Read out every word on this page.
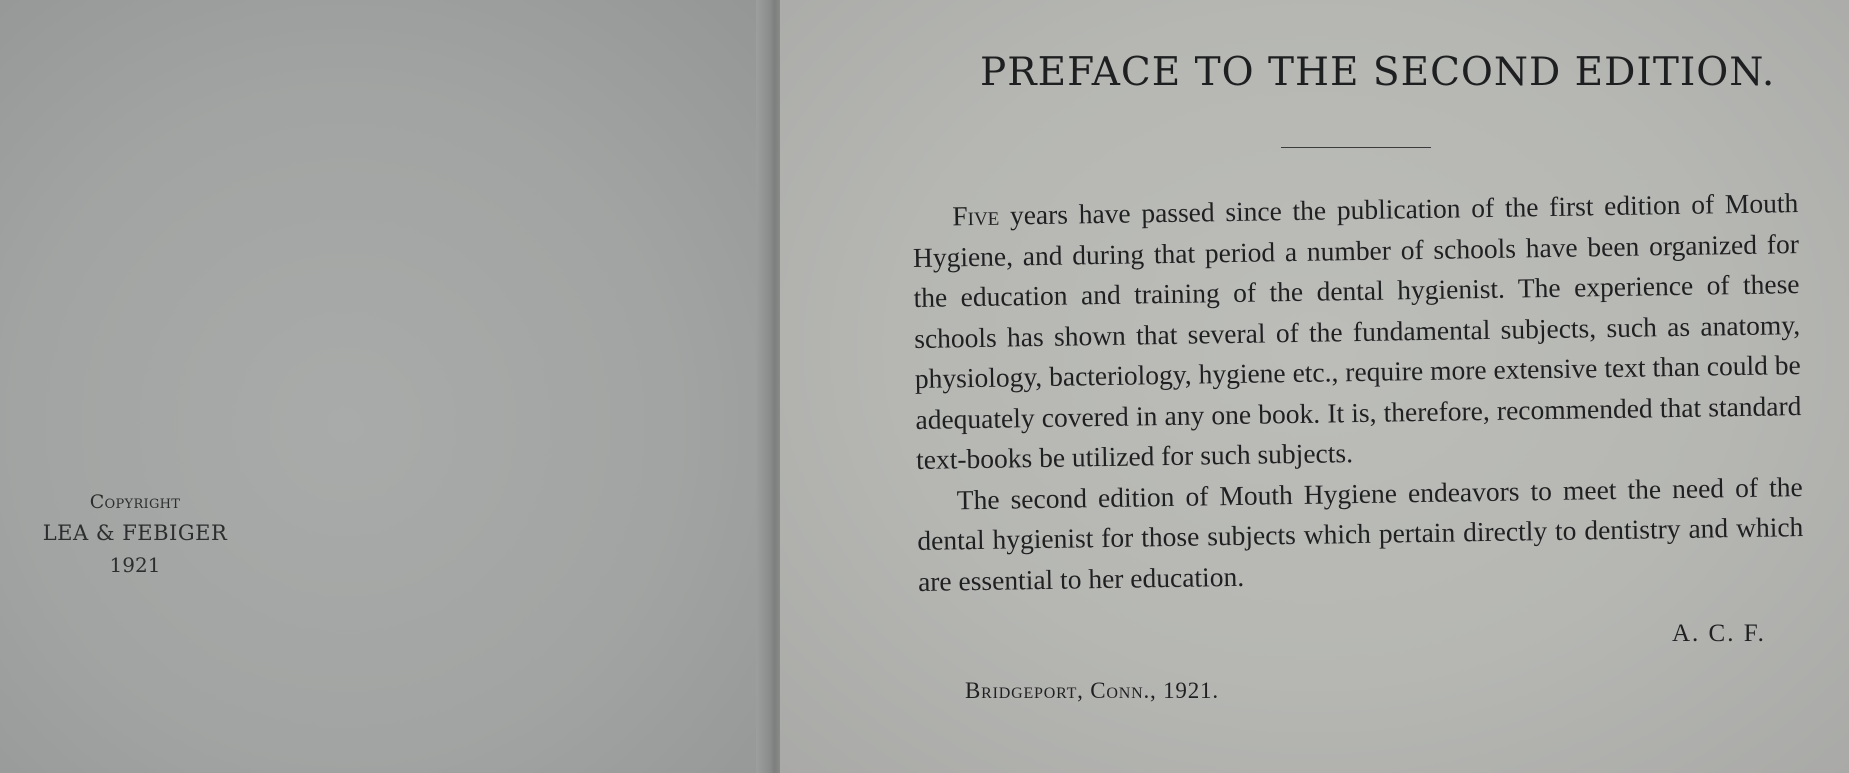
Copyright
LEA & FEBIGER
1921
PREFACE TO THE SECOND EDITION.

Five years have passed since the publication of the first edition of Mouth Hygiene, and during that period a number of schools have been organized for the education and training of the dental hygienist. The experience of these schools has shown that several of the fundamental subjects, such as anatomy, physiology, bacteriology, hygiene etc., require more extensive text than could be adequately covered in any one book. It is, therefore, recommended that standard text-books be utilized for such subjects.

The second edition of Mouth Hygiene endeavors to meet the need of the dental hygienist for those subjects which pertain directly to dentistry and which are essential to her education.

A. C. F.
Bridgeport, Conn., 1921.
